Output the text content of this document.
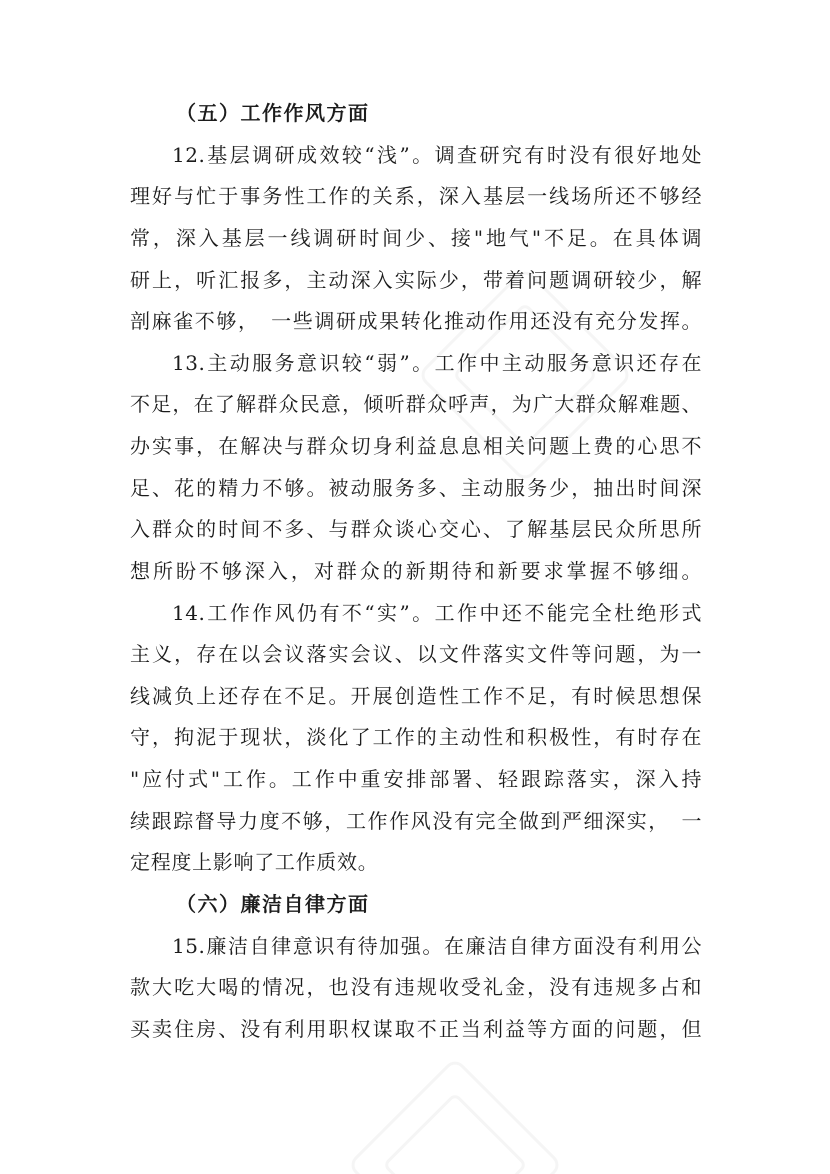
（五）工作作风方面
12.基层调研成效较“浅”。调查研究有时没有很好地处
理好与忙于事务性工作的关系，深入基层一线场所还不够经
常，深入基层一线调研时间少、接"地气"不足。在具体调
研上，听汇报多，主动深入实际少，带着问题调研较少，解
剖麻雀不够，　一些调研成果转化推动作用还没有充分发挥。
13.主动服务意识较“弱”。工作中主动服务意识还存在
不足，在了解群众民意，倾听群众呼声，为广大群众解难题、
办实事，在解决与群众切身利益息息相关问题上费的心思不
足、花的精力不够。被动服务多、主动服务少，抽出时间深
入群众的时间不多、与群众谈心交心、了解基层民众所思所
想所盼不够深入，对群众的新期待和新要求掌握不够细。
14.工作作风仍有不“实”。工作中还不能完全杜绝形式
主义，存在以会议落实会议、以文件落实文件等问题，为一
线减负上还存在不足。开展创造性工作不足，有时候思想保
守，拘泥于现状，淡化了工作的主动性和积极性，有时存在
"应付式"工作。工作中重安排部署、轻跟踪落实，深入持
续跟踪督导力度不够，工作作风没有完全做到严细深实，　一
定程度上影响了工作质效。
（六）廉洁自律方面
15.廉洁自律意识有待加强。在廉洁自律方面没有利用公
款大吃大喝的情况，也没有违规收受礼金，没有违规多占和
买卖住房、没有利用职权谋取不正当利益等方面的问题，但
